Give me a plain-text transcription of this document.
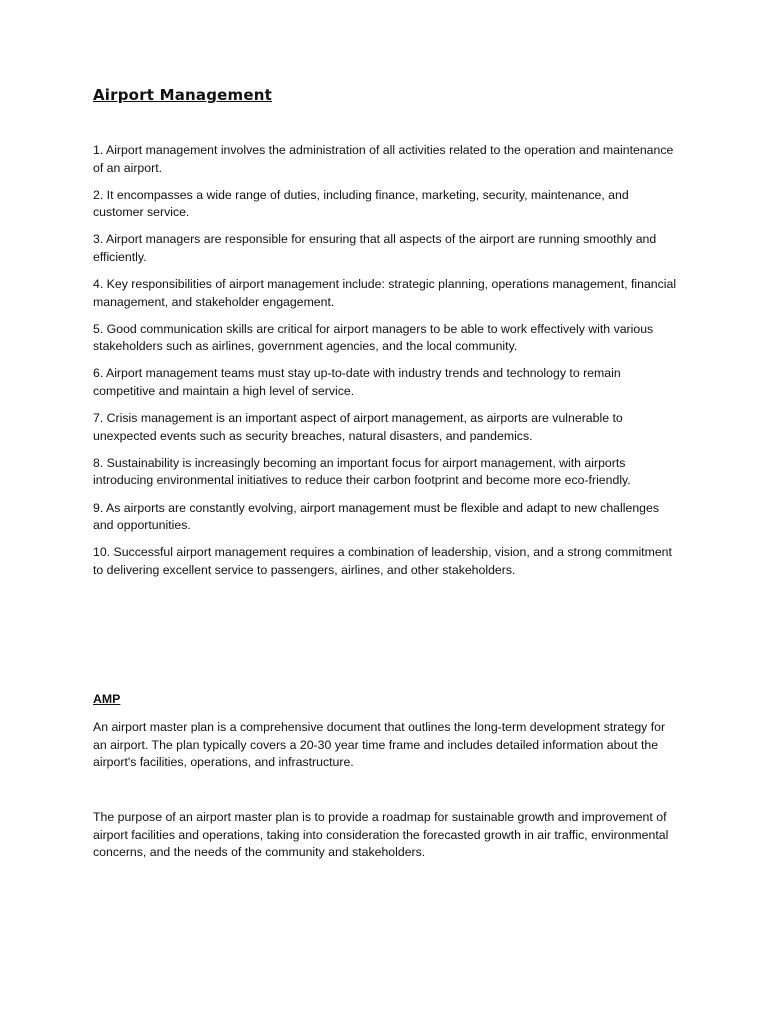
Airport Management
1. Airport management involves the administration of all activities related to the operation and maintenance of an airport.
2. It encompasses a wide range of duties, including finance, marketing, security, maintenance, and customer service.
3. Airport managers are responsible for ensuring that all aspects of the airport are running smoothly and efficiently.
4. Key responsibilities of airport management include: strategic planning, operations management, financial management, and stakeholder engagement.
5. Good communication skills are critical for airport managers to be able to work effectively with various stakeholders such as airlines, government agencies, and the local community.
6. Airport management teams must stay up-to-date with industry trends and technology to remain competitive and maintain a high level of service.
7. Crisis management is an important aspect of airport management, as airports are vulnerable to unexpected events such as security breaches, natural disasters, and pandemics.
8. Sustainability is increasingly becoming an important focus for airport management, with airports introducing environmental initiatives to reduce their carbon footprint and become more eco-friendly.
9. As airports are constantly evolving, airport management must be flexible and adapt to new challenges and opportunities.
10. Successful airport management requires a combination of leadership, vision, and a strong commitment to delivering excellent service to passengers, airlines, and other stakeholders.
AMP

An airport master plan is a comprehensive document that outlines the long-term development strategy for an airport. The plan typically covers a 20-30 year time frame and includes detailed information about the airport's facilities, operations, and infrastructure.

The purpose of an airport master plan is to provide a roadmap for sustainable growth and improvement of airport facilities and operations, taking into consideration the forecasted growth in air traffic, environmental concerns, and the needs of the community and stakeholders.
